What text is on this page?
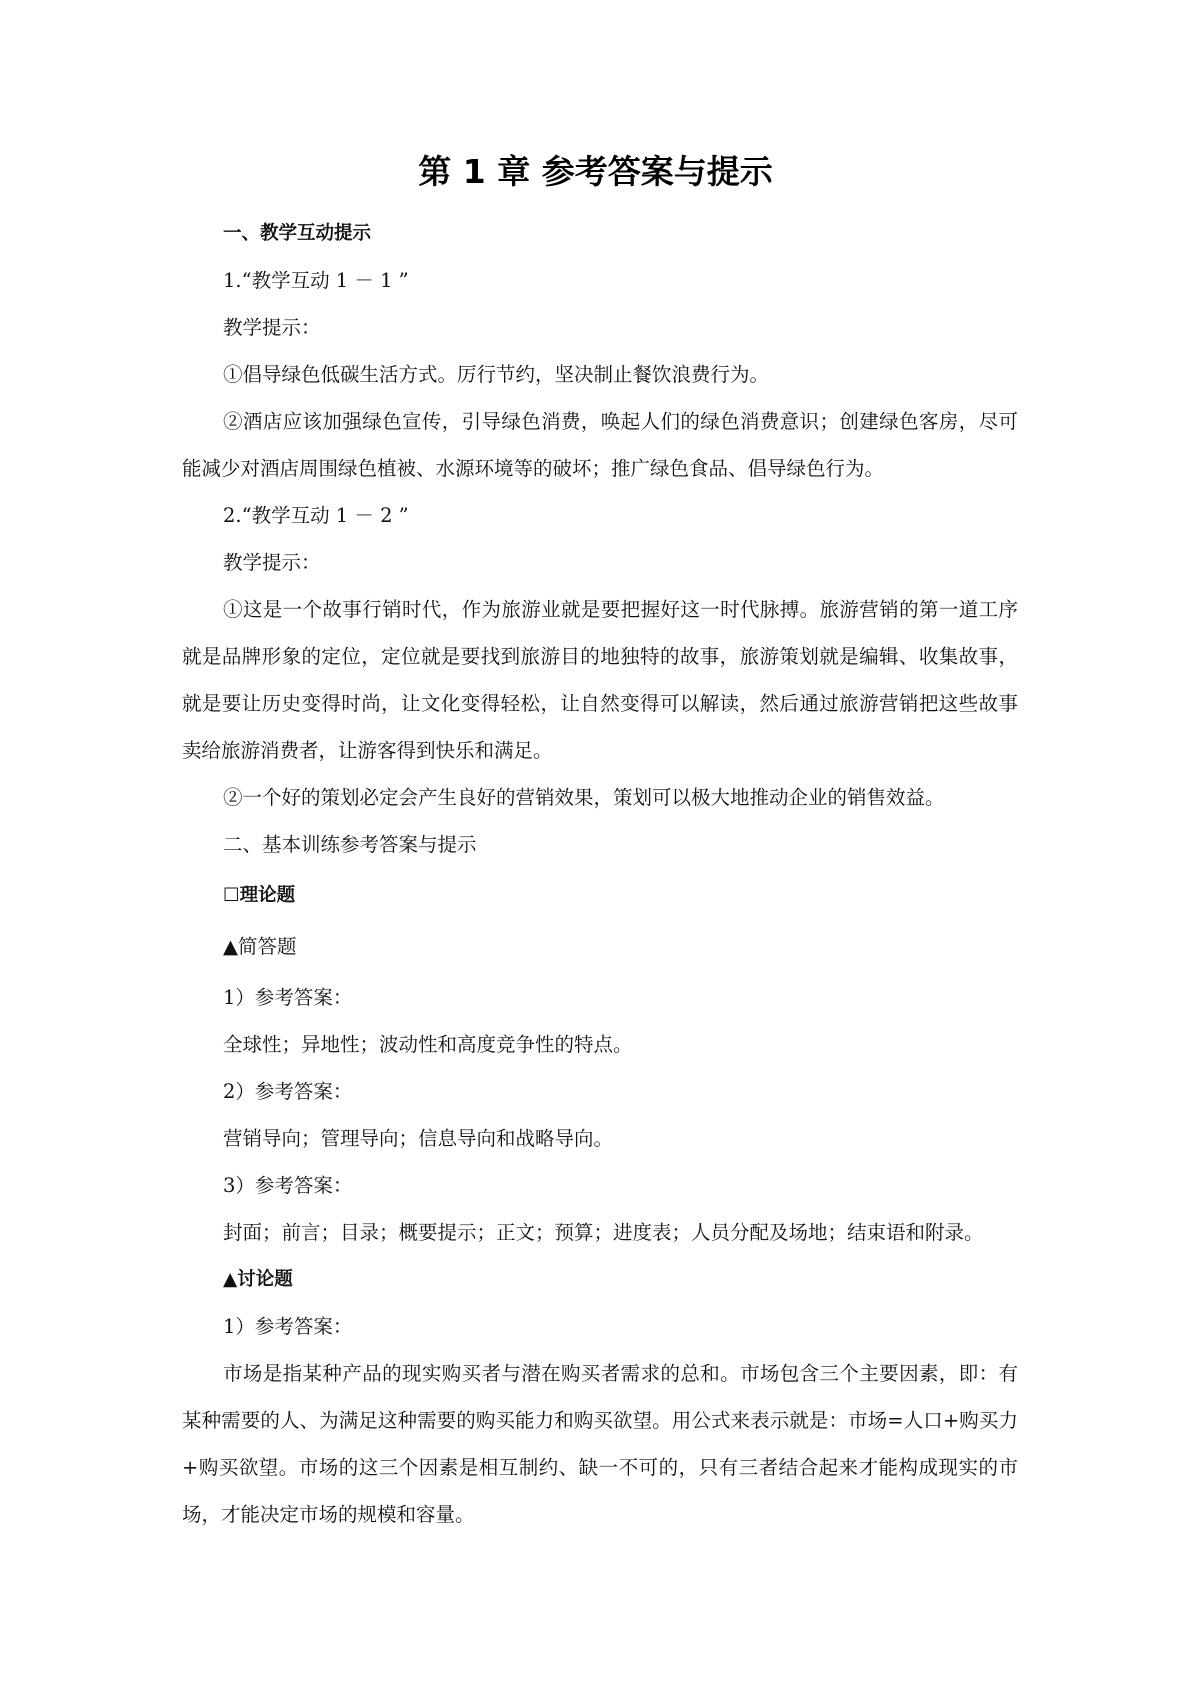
第 1 章 参考答案与提示

一、教学互动提示

1.“教学互动 1 － 1 ”

教学提示：

①倡导绿色低碳生活方式。厉行节约，坚决制止餐饮浪费行为。

②酒店应该加强绿色宣传，引导绿色消费，唤起人们的绿色消费意识；创建绿色客房，尽可能减少对酒店周围绿色植被、水源环境等的破坏；推广绿色食品、倡导绿色行为。

2.“教学互动 1 － 2 ”

教学提示：

①这是一个故事行销时代，作为旅游业就是要把握好这一时代脉搏。旅游营销的第一道工序就是品牌形象的定位，定位就是要找到旅游目的地独特的故事，旅游策划就是编辑、收集故事，就是要让历史变得时尚，让文化变得轻松，让自然变得可以解读，然后通过旅游营销把这些故事卖给旅游消费者，让游客得到快乐和满足。

②一个好的策划必定会产生良好的营销效果，策划可以极大地推动企业的销售效益。

二、基本训练参考答案与提示

☐理论题

▲简答题

1）参考答案：

全球性；异地性；波动性和高度竞争性的特点。

2）参考答案：

营销导向；管理导向；信息导向和战略导向。

3）参考答案：

封面；前言；目录；概要提示；正文；预算；进度表；人员分配及场地；结束语和附录。

▲讨论题

1）参考答案：

市场是指某种产品的现实购买者与潜在购买者需求的总和。市场包含三个主要因素，即：有某种需要的人、为满足这种需要的购买能力和购买欲望。用公式来表示就是：市场=人口+购买力+购买欲望。市场的这三个因素是相互制约、缺一不可的，只有三者结合起来才能构成现实的市场，才能决定市场的规模和容量。
